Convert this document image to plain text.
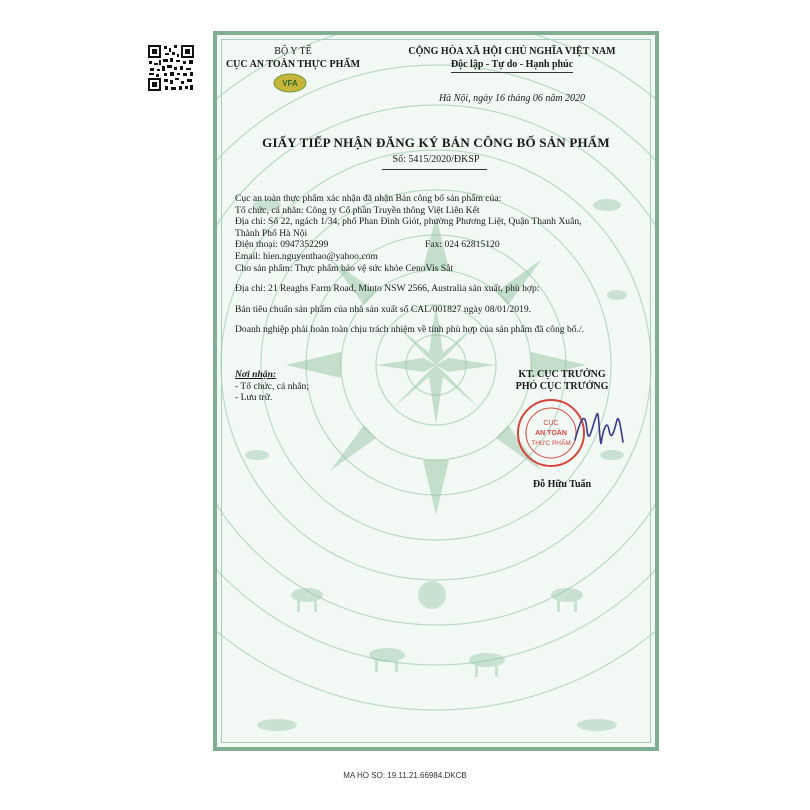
BỘ Y TẾ
CỤC AN TOÀN THỰC PHẨM
VFA
CỘNG HÒA XÃ HỘI CHỦ NGHĨA VIỆT NAM
Độc lập - Tự do - Hạnh phúc
Hà Nội, ngày 16 tháng 06 năm 2020
GIẤY TIẾP NHẬN ĐĂNG KÝ BẢN CÔNG BỐ SẢN PHẨM
Số: 5415/2020/ĐKSP

Cục an toàn thực phẩm xác nhận đã nhận Bản công bố sản phẩm của:

Tổ chức, cá nhân: Công ty Cổ phần Truyền thông Việt Liên Kết

Địa chỉ: Số 22, ngách 1/34, phố Phan Đình Giót, phường Phương Liệt, Quận Thanh Xuân,

Thành Phố Hà Nội

Điện thoại: 0947352299	Fax: 024 62815120

Email: hien.nguyenthao@yahoo.com

Cho sản phẩm: Thực phẩm bảo vệ sức khỏe CenoVis Sắt

Địa chỉ: 21 Reaghs Farm Road, Minto NSW 2566, Australia sản xuất, phù hợp:

Bản tiêu chuẩn sản phẩm của nhà sản xuất số CAL/001827 ngày 08/01/2019.

Doanh nghiệp phải hoàn toàn chịu trách nhiệm về tính phù hợp của sản phẩm đã công bố./.

Nơi nhận:
- Tổ chức, cá nhân;
- Lưu trữ.
KT. CỤC TRƯỞNG
PHÓ CỤC TRƯỞNG
CỤC
AN TOÀN
THỰC PHẨM
Đỗ Hữu Tuấn
MA HO SO: 19.11.21.66984.DKCB
